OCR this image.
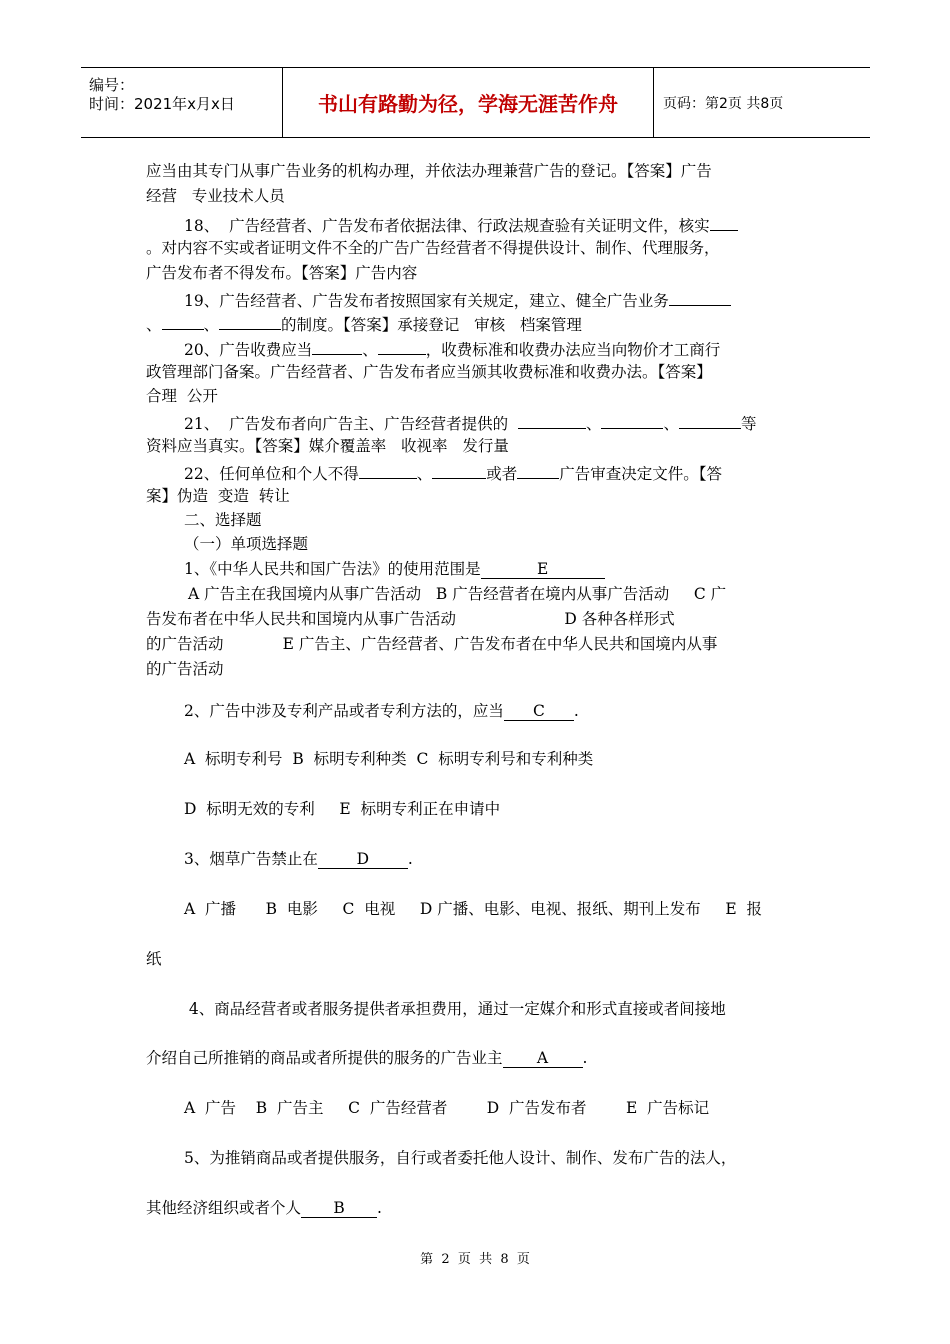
编号：
时间：2021年x月x日	书山有路勤为径，学海无涯苦作舟	页码：第2页 共8页
应当由其专门从事广告业务的机构办理，并依法办理兼营广告的登记。【答案】广告
经营   专业技术人员
18、  广告经营者、广告发布者依据法律、行政法规查验有关证明文件，核实
。对内容不实或者证明文件不全的广告广告经营者不得提供设计、制作、代理服务，
广告发布者不得发布。【答案】广告内容
19、广告经营者、广告发布者按照国家有关规定，建立、健全广告业务
、	、	的制度。【答案】承接登记   审核   档案管理
20、广告收费应当	、	，收费标准和收费办法应当向物价才工商行
政管理部门备案。广告经营者、广告发布者应当颁其收费标准和收费办法。【答案】
合理  公开
21、  广告发布者向广告主、广告经营者提供的	、	、	等
资料应当真实。【答案】媒介覆盖率   收视率   发行量
22、任何单位和个人不得	、	或者	广告审查决定文件。【答
案】伪造  变造  转让
二、选择题
（一）单项选择题
1、《中华人民共和国广告法》的使用范围是	E
A 广告主在我国境内从事广告活动   B 广告经营者在境内从事广告活动     C 广
告发布者在中华人民共和国境内从事广告活动                      D 各种各样形式
的广告活动            E 广告主、广告经营者、广告发布者在中华人民共和国境内从事
的广告活动
2、广告中涉及专利产品或者专利方法的，应当 C .
A  标明专利号  B  标明专利种类  C  标明专利号和专利种类
D  标明无效的专利     E  标明专利正在申请中
3、烟草广告禁止在	D	.
A  广播      B  电影     C  电视     D 广播、电影、电视、报纸、期刊上发布     E  报
纸
4、商品经营者或者服务提供者承担费用，通过一定媒介和形式直接或者间接地
介绍自己所推销的商品或者所提供的服务的广告业主 A .
A  广告    B  广告主     C  广告经营者        D  广告发布者        E  广告标记
5、为推销商品或者提供服务，自行或者委托他人设计、制作、发布广告的法人，
其他经济组织或者个人 B .
第  2  页  共  8  页
